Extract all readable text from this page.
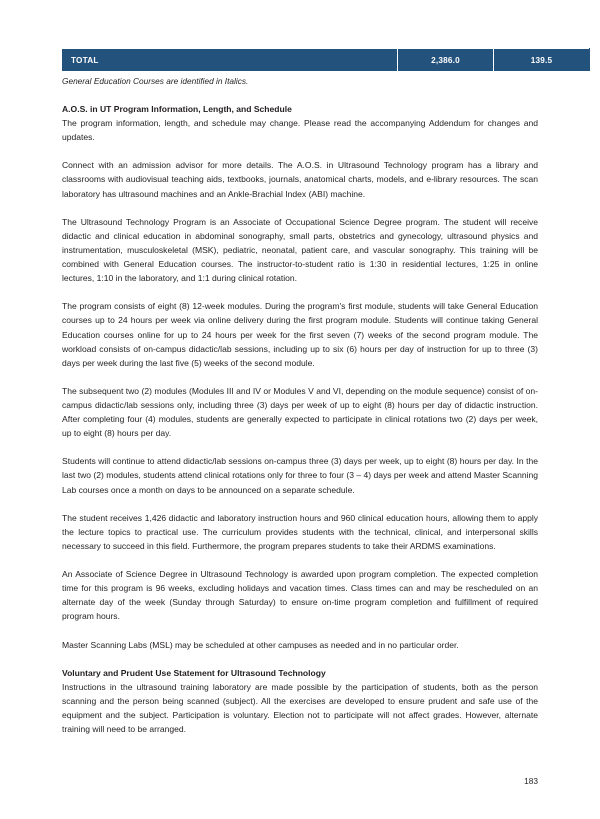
TOTAL	2,386.0	139.5

General Education Courses are identified in Italics.

A.O.S. in UT Program Information, Length, and Schedule

The program information, length, and schedule may change. Please read the accompanying Addendum for changes and updates.

Connect with an admission advisor for more details. The A.O.S. in Ultrasound Technology program has a library and classrooms with audiovisual teaching aids, textbooks, journals, anatomical charts, models, and e-library resources. The scan laboratory has ultrasound machines and an Ankle-Brachial Index (ABI) machine.

The Ultrasound Technology Program is an Associate of Occupational Science Degree program. The student will receive didactic and clinical education in abdominal sonography, small parts, obstetrics and gynecology, ultrasound physics and instrumentation, musculoskeletal (MSK), pediatric, neonatal, patient care, and vascular sonography. This training will be combined with General Education courses. The instructor-to-student ratio is 1:30 in residential lectures, 1:25 in online lectures, 1:10 in the laboratory, and 1:1 during clinical rotation.

The program consists of eight (8) 12-week modules. During the program's first module, students will take General Education courses up to 24 hours per week via online delivery during the first program module. Students will continue taking General Education courses online for up to 24 hours per week for the first seven (7) weeks of the second program module. The workload consists of on-campus didactic/lab sessions, including up to six (6) hours per day of instruction for up to three (3) days per week during the last five (5) weeks of the second module.

The subsequent two (2) modules (Modules III and IV or Modules V and VI, depending on the module sequence) consist of on-campus didactic/lab sessions only, including three (3) days per week of up to eight (8) hours per day of didactic instruction. After completing four (4) modules, students are generally expected to participate in clinical rotations two (2) days per week, up to eight (8) hours per day.

Students will continue to attend didactic/lab sessions on-campus three (3) days per week, up to eight (8) hours per day. In the last two (2) modules, students attend clinical rotations only for three to four (3 – 4) days per week and attend Master Scanning Lab courses once a month on days to be announced on a separate schedule.

The student receives 1,426 didactic and laboratory instruction hours and 960 clinical education hours, allowing them to apply the lecture topics to practical use. The curriculum provides students with the technical, clinical, and interpersonal skills necessary to succeed in this field. Furthermore, the program prepares students to take their ARDMS examinations.

An Associate of Science Degree in Ultrasound Technology is awarded upon program completion. The expected completion time for this program is 96 weeks, excluding holidays and vacation times. Class times can and may be rescheduled on an alternate day of the week (Sunday through Saturday) to ensure on-time program completion and fulfillment of required program hours.

Master Scanning Labs (MSL) may be scheduled at other campuses as needed and in no particular order.

Voluntary and Prudent Use Statement for Ultrasound Technology

Instructions in the ultrasound training laboratory are made possible by the participation of students, both as the person scanning and the person being scanned (subject). All the exercises are developed to ensure prudent and safe use of the equipment and the subject. Participation is voluntary. Election not to participate will not affect grades. However, alternate training will need to be arranged.

183
